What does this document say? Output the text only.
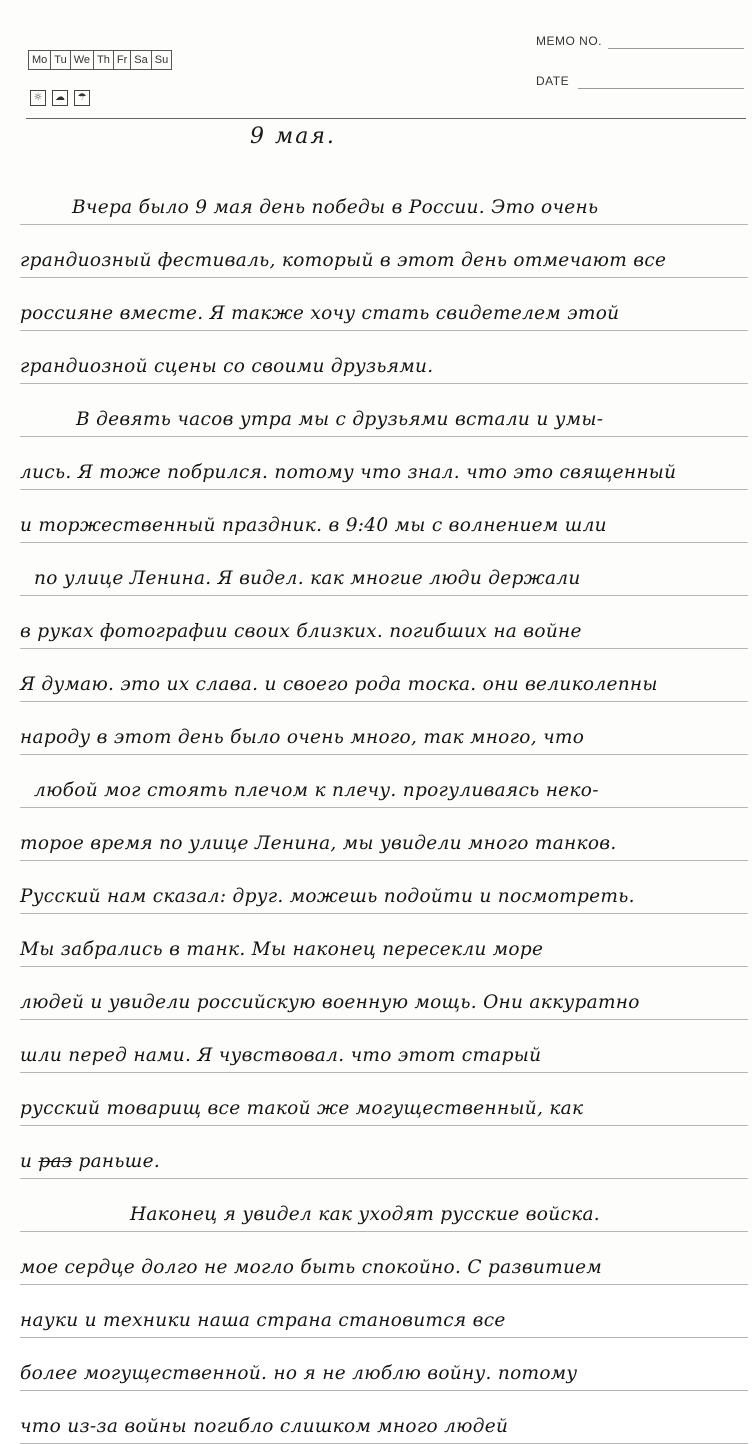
Mo Tu We Th Fr Sa Su
☼	☁	☂
MEMO NO.
DATE
9 мая.
Вчера было 9 мая день победы в России. Это очень
грандиозный фестиваль, который в этот день отмечают все
россияне вместе. Я также хочу стать свидетелем этой
грандиозной сцены со своими друзьями.
В девять часов утра мы с друзьями встали и умы-
лись. Я тоже побрился. потому что знал. что это священный
и торжественный праздник. в 9:40 мы с волнением шли
по улице Ленина. Я видел. как многие люди держали
в руках фотографии своих близких. погибших на войне
Я думаю. это их слава. и своего рода тоска. они великолепны
народу в этот день было очень много, так много, что
любой мог стоять плечом к плечу. прогуливаясь неко-
торое время по улице Ленина, мы увидели много танков.
Русский нам сказал: друг. можешь подойти и посмотреть.
Мы забрались в танк. Мы наконец пересекли море
людей и увидели российскую военную мощь. Они аккуратно
шли перед нами. Я чувствовал. что этот старый
русский товарищ все такой же могущественный, как
и раз раньше.
Наконец я увидел как уходят русские войска.
мое сердце долго не могло быть спокойно. С развитием
науки и техники наша страна становится все
более могущественной. но я не люблю войну. потому
что из-за войны погибло слишком много людей
